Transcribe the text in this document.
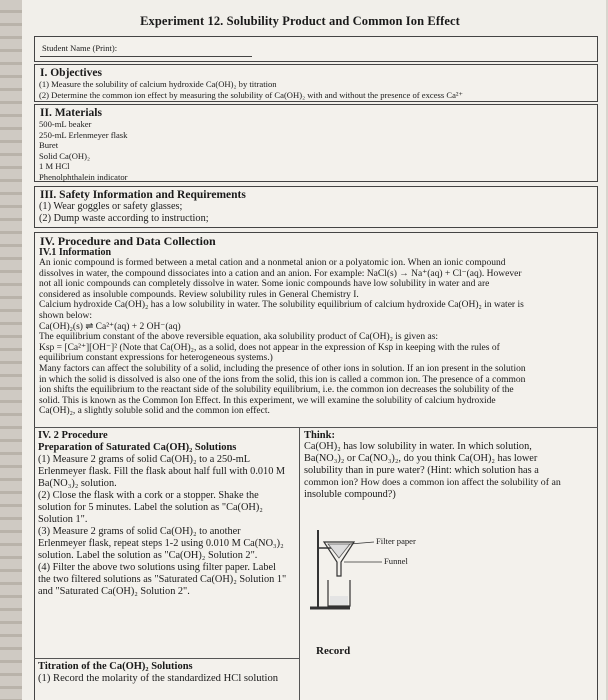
Experiment 12. Solubility Product and Common Ion Effect
Student Name (Print):
I. Objectives
(1) Measure the solubility of calcium hydroxide Ca(OH)₂ by titration
(2) Determine the common ion effect by measuring the solubility of Ca(OH)₂ with and without the presence of excess Ca²⁺
II. Materials
500-mL beaker
250-mL Erlenmeyer flask
Buret
Solid Ca(OH)₂
1 M HCl
Phenolphthalein indicator
III. Safety Information and Requirements
(1) Wear goggles or safety glasses;
(2) Dump waste according to instruction;
IV. Procedure and Data Collection
IV.1 Information
An ionic compound is formed between a metal cation and a nonmetal anion or a polyatomic ion. When an ionic compound
dissolves in water, the compound dissociates into a cation and an anion. For example: NaCl(s) → Na⁺(aq) + Cl⁻(aq). However
not all ionic compounds can completely dissolve in water. Some ionic compounds have low solubility in water and are
considered as insoluble compounds. Review solubility rules in General Chemistry I.
Calcium hydroxide Ca(OH)₂ has a low solubility in water. The solubility equilibrium of calcium hydroxide Ca(OH)₂ in water is
shown below:
Ca(OH)₂(s) ⇌ Ca²⁺(aq) + 2 OH⁻(aq)
The equilibrium constant of the above reversible equation, aka solubility product of Ca(OH)₂ is given as:
Ksp = [Ca²⁺][OH⁻]² (Note that Ca(OH)₂, as a solid, does not appear in the expression of Ksp in keeping with the rules of
equilibrium constant expressions for heterogeneous systems.)
Many factors can affect the solubility of a solid, including the presence of other ions in solution. If an ion present in the solution
in which the solid is dissolved is also one of the ions from the solid, this ion is called a common ion. The presence of a common
ion shifts the equilibrium to the reactant side of the solubility equilibrium, i.e. the common ion decreases the solubility of the
solid. This is known as the Common Ion Effect. In this experiment, we will examine the solubility of calcium hydroxide
Ca(OH)₂, a slightly soluble solid and the common ion effect.
IV. 2 Procedure
Preparation of Saturated Ca(OH)₂ Solutions
(1) Measure 2 grams of solid Ca(OH)₂ to a 250-mL
Erlenmeyer flask. Fill the flask about half full with 0.010 M
Ba(NO₃)₂ solution.
(2) Close the flask with a cork or a stopper. Shake the
solution for 5 minutes. Label the solution as "Ca(OH)₂
Solution 1".
(3) Measure 2 grams of solid Ca(OH)₂ to another
Erlenmeyer flask, repeat steps 1-2 using 0.010 M Ca(NO₃)₂
solution. Label the solution as "Ca(OH)₂ Solution 2".
(4) Filter the above two solutions using filter paper. Label
the two filtered solutions as "Saturated Ca(OH)₂ Solution 1"
and "Saturated Ca(OH)₂ Solution 2".
Think:
Ca(OH)₂ has low solubility in water. In which solution,
Ba(NO₃)₂ or Ca(NO₃)₂, do you think Ca(OH)₂ has lower
solubility than in pure water? (Hint: which solution has a
common ion? How does a common ion affect the solubility of an
insoluble compound?)
Filter paper
Funnel
Record
Titration of the Ca(OH)₂ Solutions
(1) Record the molarity of the standardized HCl solution
